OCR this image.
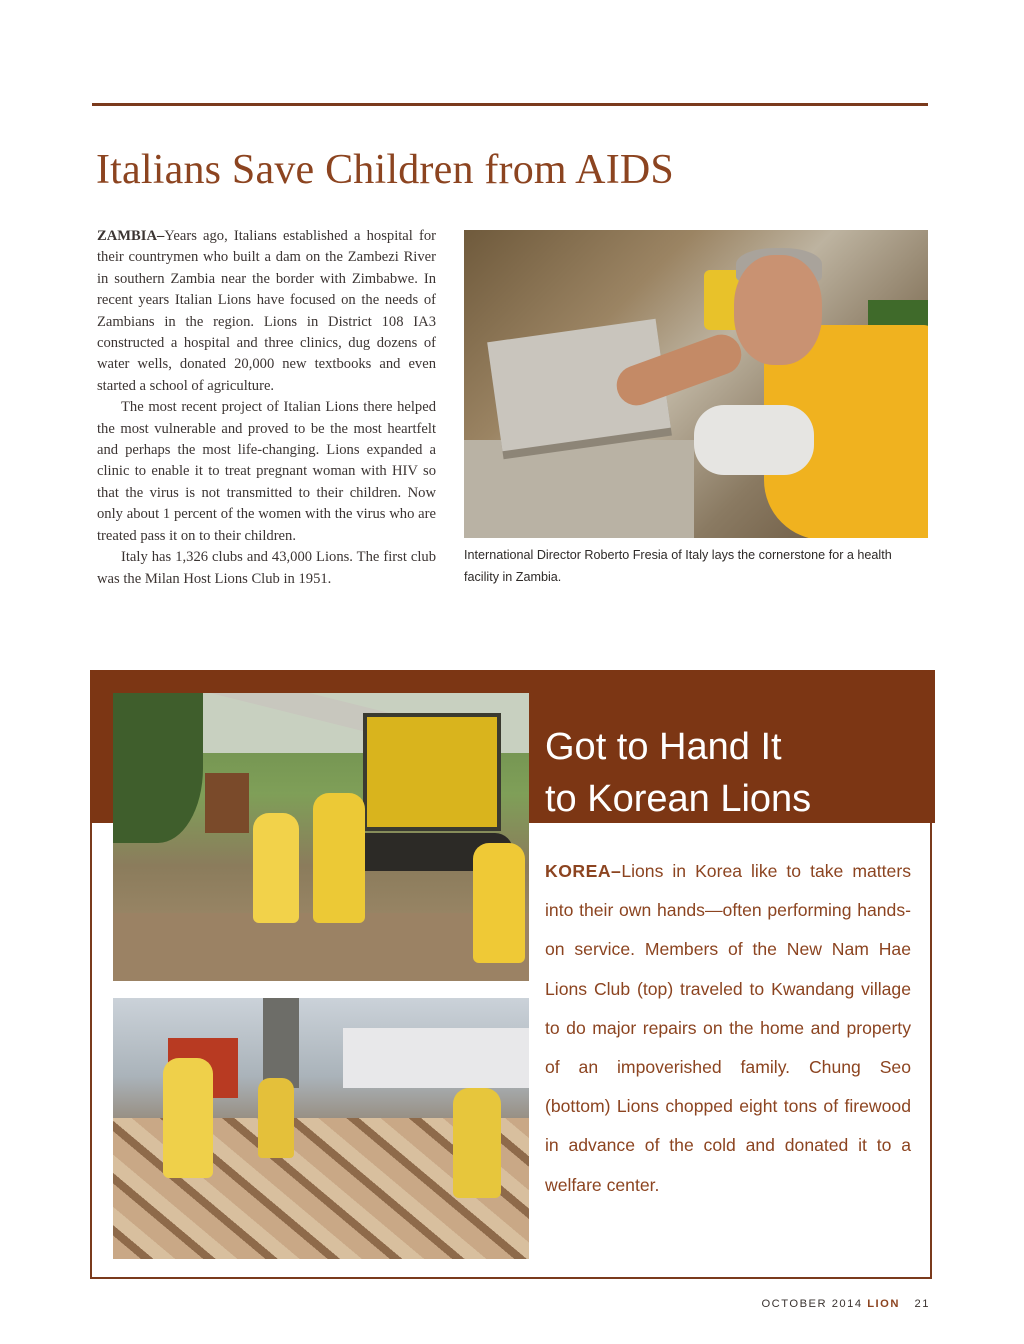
Italians Save Children from AIDS

ZAMBIA–Years ago, Italians established a hospital for their countrymen who built a dam on the Zambezi River in southern Zambia near the border with Zimbabwe. In recent years Italian Lions have focused on the needs of Zambians in the region. Lions in District 108 IA3 constructed a hospital and three clinics, dug dozens of water wells, donated 20,000 new textbooks and even started a school of agriculture.

The most recent project of Italian Lions there helped the most vulnerable and proved to be the most heartfelt and perhaps the most life-changing. Lions expanded a clinic to enable it to treat pregnant woman with HIV so that the virus is not transmitted to their children. Now only about 1 percent of the women with the virus who are treated pass it on to their children.

Italy has 1,326 clubs and 43,000 Lions. The first club was the Milan Host Lions Club in 1951.

International Director Roberto Fresia of Italy lays the cornerstone for a health facility in Zambia.
Got to Hand It
to Korean Lions
KOREA–Lions in Korea like to take matters into their own hands—often performing hands-on service. Members of the New Nam Hae Lions Club (top) traveled to Kwandang village to do major repairs on the home and property of an impoverished family. Chung Seo (bottom) Lions chopped eight tons of firewood in advance of the cold and donated it to a welfare center.
OCTOBER 2014 LION 21
